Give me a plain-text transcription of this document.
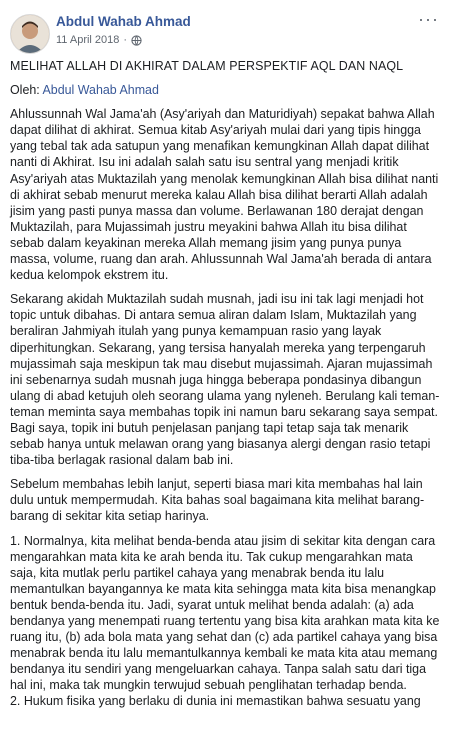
Abdul Wahab Ahmad
11 April 2018 ·
···

MELIHAT ALLAH DI AKHIRAT DALAM PERSPEKTIF AQL DAN NAQL

Oleh: Abdul Wahab Ahmad

Ahlussunnah Wal Jama'ah (Asy'ariyah dan Maturidiyah) sepakat bahwa Allah dapat dilihat di akhirat. Semua kitab Asy'ariyah mulai dari yang tipis hingga yang tebal tak ada satupun yang menafikan kemungkinan Allah dapat dilihat nanti di Akhirat. Isu ini adalah salah satu isu sentral yang menjadi kritik Asy'ariyah atas Muktazilah yang menolak kemungkinan Allah bisa dilihat nanti di akhirat sebab menurut mereka kalau Allah bisa dilihat berarti Allah adalah jisim yang pasti punya massa dan volume. Berlawanan 180 derajat dengan Muktazilah, para Mujassimah justru meyakini bahwa Allah itu bisa dilihat sebab dalam keyakinan mereka Allah memang jisim yang punya punya massa, volume, ruang dan arah. Ahlussunnah Wal Jama'ah berada di antara kedua kelompok ekstrem itu.

Sekarang akidah Muktazilah sudah musnah, jadi isu ini tak lagi menjadi hot topic untuk dibahas. Di antara semua aliran dalam Islam, Muktazilah yang beraliran Jahmiyah itulah yang punya kemampuan rasio yang layak diperhitungkan. Sekarang, yang tersisa hanyalah mereka yang terpengaruh mujassimah saja meskipun tak mau disebut mujassimah. Ajaran mujassimah ini sebenarnya sudah musnah juga hingga beberapa pondasinya dibangun ulang di abad ketujuh oleh seorang ulama yang nyleneh. Berulang kali teman-teman meminta saya membahas topik ini namun baru sekarang saya sempat. Bagi saya, topik ini butuh penjelasan panjang tapi tetap saja tak menarik sebab hanya untuk melawan orang yang biasanya alergi dengan rasio tetapi tiba-tiba berlagak rasional dalam bab ini.

Sebelum membahas lebih lanjut, seperti biasa mari kita membahas hal lain dulu untuk mempermudah. Kita bahas soal bagaimana kita melihat barang-barang di sekitar kita setiap harinya.

1. Normalnya, kita melihat benda-benda atau jisim di sekitar kita dengan cara mengarahkan mata kita ke arah benda itu. Tak cukup mengarahkan mata saja, kita mutlak perlu partikel cahaya yang menabrak benda itu lalu memantulkan bayangannya ke mata kita sehingga mata kita bisa menangkap bentuk benda-benda itu. Jadi, syarat untuk melihat benda adalah: (a) ada bendanya yang menempati ruang tertentu yang bisa kita arahkan mata kita ke ruang itu, (b) ada bola mata yang sehat dan (c) ada partikel cahaya yang bisa menabrak benda itu lalu memantulkannya kembali ke mata kita atau memang bendanya itu sendiri yang mengeluarkan cahaya. Tanpa salah satu dari tiga hal ini, maka tak mungkin terwujud sebuah penglihatan terhadap benda.

2. Hukum fisika yang berlaku di dunia ini memastikan bahwa sesuatu yang
